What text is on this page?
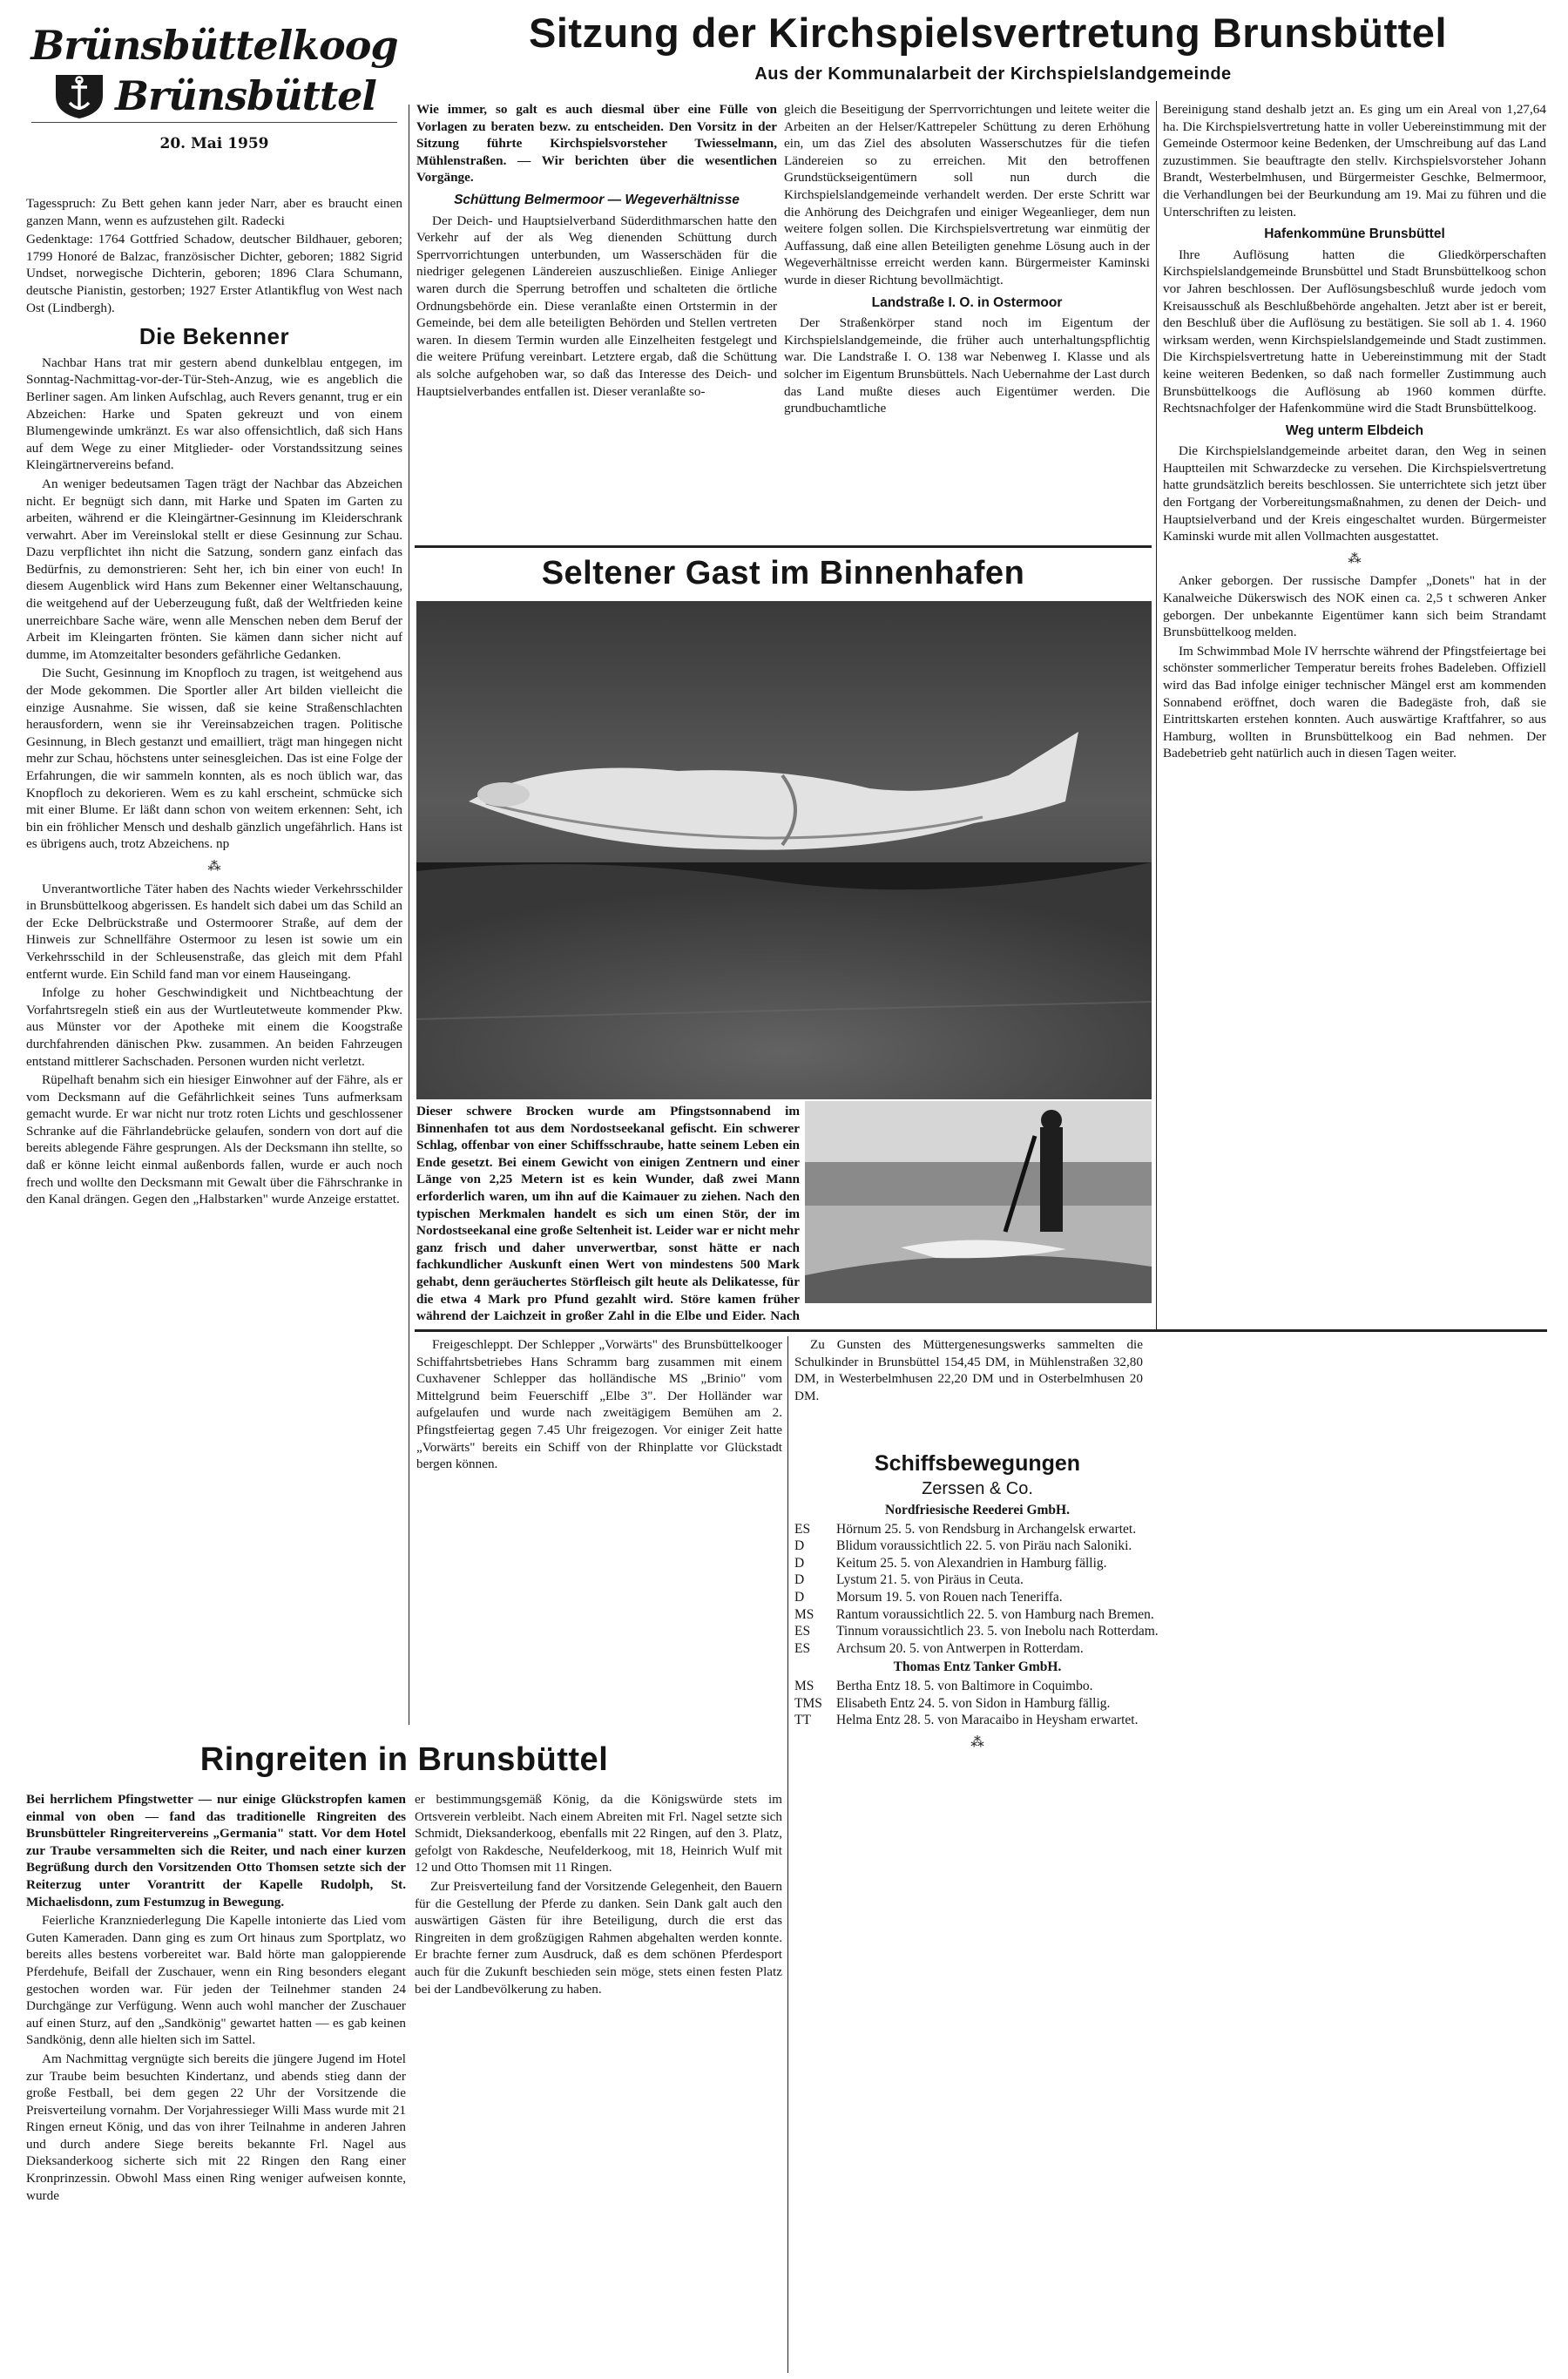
Brünsbüttelkoog
Brünsbüttel
20. Mai 1959
Sitzung der Kirchspielsvertretung Brunsbüttel
Aus der Kommunalarbeit der Kirchspielslandgemeinde

Tagesspruch: Zu Bett gehen kann jeder Narr, aber es braucht einen ganzen Mann, wenn es aufzustehen gilt. Radecki

Gedenktage: 1764 Gottfried Schadow, deutscher Bildhauer, geboren; 1799 Honoré de Balzac, französischer Dichter, geboren; 1882 Sigrid Undset, norwegische Dichterin, geboren; 1896 Clara Schumann, deutsche Pianistin, gestorben; 1927 Erster Atlantikflug von West nach Ost (Lindbergh).

Die Bekenner

Nachbar Hans trat mir gestern abend dunkelblau entgegen, im Sonntag-Nachmittag-vor-der-Tür-Steh-Anzug, wie es angeblich die Berliner sagen. Am linken Aufschlag, auch Revers genannt, trug er ein Abzeichen: Harke und Spaten gekreuzt und von einem Blumengewinde umkränzt. Es war also offensichtlich, daß sich Hans auf dem Wege zu einer Mitglieder- oder Vorstandssitzung seines Kleingärtnervereins befand.

An weniger bedeutsamen Tagen trägt der Nachbar das Abzeichen nicht. Er begnügt sich dann, mit Harke und Spaten im Garten zu arbeiten, während er die Kleingärtner-Gesinnung im Kleiderschrank verwahrt. Aber im Vereinslokal stellt er diese Gesinnung zur Schau. Dazu verpflichtet ihn nicht die Satzung, sondern ganz einfach das Bedürfnis, zu demonstrieren: Seht her, ich bin einer von euch! In diesem Augenblick wird Hans zum Bekenner einer Weltanschauung, die weitgehend auf der Ueberzeugung fußt, daß der Weltfrieden keine unerreichbare Sache wäre, wenn alle Menschen neben dem Beruf der Arbeit im Kleingarten frönten. Sie kämen dann sicher nicht auf dumme, im Atomzeitalter besonders gefährliche Gedanken.

Die Sucht, Gesinnung im Knopfloch zu tragen, ist weitgehend aus der Mode gekommen. Die Sportler aller Art bilden vielleicht die einzige Ausnahme. Sie wissen, daß sie keine Straßenschlachten herausfordern, wenn sie ihr Vereinsabzeichen tragen. Politische Gesinnung, in Blech gestanzt und emailliert, trägt man hingegen nicht mehr zur Schau, höchstens unter seinesgleichen. Das ist eine Folge der Erfahrungen, die wir sammeln konnten, als es noch üblich war, das Knopfloch zu dekorieren. Wem es zu kahl erscheint, schmücke sich mit einer Blume. Er läßt dann schon von weitem erkennen: Seht, ich bin ein fröhlicher Mensch und deshalb gänzlich ungefährlich. Hans ist es übrigens auch, trotz Abzeichens. np

⁂

Unverantwortliche Täter haben des Nachts wieder Verkehrsschilder in Brunsbüttelkoog abgerissen. Es handelt sich dabei um das Schild an der Ecke Delbrückstraße und Ostermoorer Straße, auf dem der Hinweis zur Schnellfähre Ostermoor zu lesen ist sowie um ein Verkehrsschild in der Schleusenstraße, das gleich mit dem Pfahl entfernt wurde. Ein Schild fand man vor einem Hauseingang.

Infolge zu hoher Geschwindigkeit und Nichtbeachtung der Vorfahrtsregeln stieß ein aus der Wurtleutetweute kommender Pkw. aus Münster vor der Apotheke mit einem die Koogstraße durchfahrenden dänischen Pkw. zusammen. An beiden Fahrzeugen entstand mittlerer Sachschaden. Personen wurden nicht verletzt.

Rüpelhaft benahm sich ein hiesiger Einwohner auf der Fähre, als er vom Decksmann auf die Gefährlichkeit seines Tuns aufmerksam gemacht wurde. Er war nicht nur trotz roten Lichts und geschlossener Schranke auf die Fährlandebrücke gelaufen, sondern von dort auf die bereits ablegende Fähre gesprungen. Als der Decksmann ihn stellte, so daß er könne leicht einmal außenbords fallen, wurde er auch noch frech und wollte den Decksmann mit Gewalt über die Fährschranke in den Kanal drängen. Gegen den „Halbstarken" wurde Anzeige erstattet.

Wie immer, so galt es auch diesmal über eine Fülle von Vorlagen zu beraten bezw. zu entscheiden. Den Vorsitz in der Sitzung führte Kirchspielsvorsteher Twiesselmann, Mühlenstraßen. — Wir berichten über die wesentlichen Vorgänge.

Schüttung Belmermoor — Wegeverhältnisse

Der Deich- und Hauptsielverband Süderdithmarschen hatte den Verkehr auf der als Weg dienenden Schüttung durch Sperrvorrichtungen unterbunden, um Wasserschäden für die niedriger gelegenen Ländereien auszuschließen. Einige Anlieger waren durch die Sperrung betroffen und schalteten die örtliche Ordnungsbehörde ein. Diese veranlaßte einen Ortstermin in der Gemeinde, bei dem alle beteiligten Behörden und Stellen vertreten waren. In diesem Termin wurden alle Einzelheiten festgelegt und die weitere Prüfung vereinbart. Letztere ergab, daß die Schüttung als solche aufgehoben war, so daß das Interesse des Deich- und Hauptsielverbandes entfallen ist. Dieser veranlaßte so-

gleich die Beseitigung der Sperrvorrichtungen und leitete weiter die Arbeiten an der Helser/Kattrepeler Schüttung zu deren Erhöhung ein, um das Ziel des absoluten Wasserschutzes für die tiefen Ländereien so zu erreichen. Mit den betroffenen Grundstückseigentümern soll nun durch die Kirchspielslandgemeinde verhandelt werden. Der erste Schritt war die Anhörung des Deichgrafen und einiger Wegeanlieger, dem nun weitere folgen sollen. Die Kirchspielsvertretung war einmütig der Auffassung, daß eine allen Beteiligten genehme Lösung auch in der Wegeverhältnisse erreicht werden kann. Bürgermeister Kaminski wurde in dieser Richtung bevollmächtigt.

Landstraße I. O. in Ostermoor

Der Straßenkörper stand noch im Eigentum der Kirchspielslandgemeinde, die früher auch unterhaltungspflichtig war. Die Landstraße I. O. 138 war Nebenweg I. Klasse und als solcher im Eigentum Brunsbüttels. Nach Uebernahme der Last durch das Land mußte dieses auch Eigentümer werden. Die grundbuchamtliche

Bereinigung stand deshalb jetzt an. Es ging um ein Areal von 1,27,64 ha. Die Kirchspielsvertretung hatte in voller Uebereinstimmung mit der Gemeinde Ostermoor keine Bedenken, der Umschreibung auf das Land zuzustimmen. Sie beauftragte den stellv. Kirchspielsvorsteher Johann Brandt, Westerbelmhusen, und Bürgermeister Geschke, Belmermoor, die Verhandlungen bei der Beurkundung am 19. Mai zu führen und die Unterschriften zu leisten.

Hafenkommüne Brunsbüttel

Ihre Auflösung hatten die Gliedkörperschaften Kirchspielslandgemeinde Brunsbüttel und Stadt Brunsbüttelkoog schon vor Jahren beschlossen. Der Auflösungsbeschluß wurde jedoch vom Kreisausschuß als Beschlußbehörde angehalten. Jetzt aber ist er bereit, den Beschluß über die Auflösung zu bestätigen. Sie soll ab 1. 4. 1960 wirksam werden, wenn Kirchspielslandgemeinde und Stadt zustimmen. Die Kirchspielsvertretung hatte in Uebereinstimmung mit der Stadt keine weiteren Bedenken, so daß nach formeller Zustimmung auch Brunsbüttelkoogs die Auflösung ab 1960 kommen dürfte. Rechtsnachfolger der Hafenkommüne wird die Stadt Brunsbüttelkoog.

Weg unterm Elbdeich

Die Kirchspielslandgemeinde arbeitet daran, den Weg in seinen Hauptteilen mit Schwarzdecke zu versehen. Die Kirchspielsvertretung hatte grundsätzlich bereits beschlossen. Sie unterrichtete sich jetzt über den Fortgang der Vorbereitungsmaßnahmen, zu denen der Deich- und Hauptsielverband und der Kreis eingeschaltet wurden. Bürgermeister Kaminski wurde mit allen Vollmachten ausgestattet.

⁂

Anker geborgen. Der russische Dampfer „Donets" hat in der Kanalweiche Dükerswisch des NOK einen ca. 2,5 t schweren Anker geborgen. Der unbekannte Eigentümer kann sich beim Strandamt Brunsbüttelkoog melden.

Im Schwimmbad Mole IV herrschte während der Pfingstfeiertage bei schönster sommerlicher Temperatur bereits frohes Badeleben. Offiziell wird das Bad infolge einiger technischer Mängel erst am kommenden Sonnabend eröffnet, doch waren die Badegäste froh, daß sie Eintrittskarten erstehen konnten. Auch auswärtige Kraftfahrer, so aus Hamburg, wollten in Brunsbüttelkoog ein Bad nehmen. Der Badebetrieb geht natürlich auch in diesen Tagen weiter.

Seltener Gast im Binnenhafen

Dieser schwere Brocken wurde am Pfingstsonnabend im Binnenhafen tot aus dem Nordostseekanal gefischt. Ein schwerer Schlag, offenbar von einer Schiffsschraube, hatte seinem Leben ein Ende gesetzt. Bei einem Gewicht von einigen Zentnern und einer Länge von 2,25 Metern ist es kein Wunder, daß zwei Mann erforderlich waren, um ihn auf die Kaimauer zu ziehen. Nach den typischen Merkmalen handelt es sich um einen Stör, der im Nordostseekanal eine große Seltenheit ist. Leider war er nicht mehr ganz frisch und daher unverwertbar, sonst hätte er nach fachkundlicher Auskunft einen Wert von mindestens 500 Mark gehabt, denn geräuchertes Störfleisch gilt heute als Delikatesse, für die etwa 4 Mark pro Pfund gezahlt wird. Störe kamen früher während der Laichzeit in großer Zahl in die Elbe und Eider. Nach

Freigeschleppt. Der Schlepper „Vorwärts" des Brunsbüttelkooger Schiffahrtsbetriebes Hans Schramm barg zusammen mit einem Cuxhavener Schlepper das holländische MS „Brinio" vom Mittelgrund beim Feuerschiff „Elbe 3". Der Holländer war aufgelaufen und wurde nach zweitägigem Bemühen am 2. Pfingstfeiertag gegen 7.45 Uhr freigezogen. Vor einiger Zeit hatte „Vorwärts" bereits ein Schiff von der Rhinplatte vor Glückstadt bergen können.

Zu Gunsten des Müttergenesungswerks sammelten die Schulkinder in Brunsbüttel 154,45 DM, in Mühlenstraßen 32,80 DM, in Westerbelmhusen 22,20 DM und in Osterbelmhusen 20 DM.

Schiffsbewegungen
Zerssen & Co.
Nordfriesische Reederei GmbH.
ES	Hörnum 25. 5. von Rendsburg in Archangelsk erwartet.
D	Blidum voraussichtlich 22. 5. von Piräu nach Saloniki.
D	Keitum 25. 5. von Alexandrien in Hamburg fällig.
D	Lystum 21. 5. von Piräus in Ceuta.
D	Morsum 19. 5. von Rouen nach Teneriffa.
MS	Rantum voraussichtlich 22. 5. von Hamburg nach Bremen.
ES	Tinnum voraussichtlich 23. 5. von Inebolu nach Rotterdam.
ES	Archsum 20. 5. von Antwerpen in Rotterdam.
Thomas Entz Tanker GmbH.
MS	Bertha Entz 18. 5. von Baltimore in Coquimbo.
TMS	Elisabeth Entz 24. 5. von Sidon in Hamburg fällig.
TT	Helma Entz 28. 5. von Maracaibo in Heysham erwartet.
⁂
Ringreiten in Brunsbüttel

Bei herrlichem Pfingstwetter — nur einige Glückstropfen kamen einmal von oben — fand das traditionelle Ringreiten des Brunsbütteler Ringreitervereins „Germania" statt. Vor dem Hotel zur Traube versammelten sich die Reiter, und nach einer kurzen Begrüßung durch den Vorsitzenden Otto Thomsen setzte sich der Reiterzug unter Vorantritt der Kapelle Rudolph, St. Michaelisdonn, zum Festumzug in Bewegung.

Feierliche Kranzniederlegung Die Kapelle intonierte das Lied vom Guten Kameraden. Dann ging es zum Ort hinaus zum Sportplatz, wo bereits alles bestens vorbereitet war. Bald hörte man galoppierende Pferdehufe, Beifall der Zuschauer, wenn ein Ring besonders elegant gestochen worden war. Für jeden der Teilnehmer standen 24 Durchgänge zur Verfügung. Wenn auch wohl mancher der Zuschauer auf einen Sturz, auf den „Sandkönig" gewartet hatten — es gab keinen Sandkönig, denn alle hielten sich im Sattel.

Am Nachmittag vergnügte sich bereits die jüngere Jugend im Hotel zur Traube beim besuchten Kindertanz, und abends stieg dann der große Festball, bei dem gegen 22 Uhr der Vorsitzende die Preisverteilung vornahm. Der Vorjahressieger Willi Mass wurde mit 21 Ringen erneut König, und das von ihrer Teilnahme in anderen Jahren und durch andere Siege bereits bekannte Frl. Nagel aus Dieksanderkoog sicherte sich mit 22 Ringen den Rang einer Kronprinzessin. Obwohl Mass einen Ring weniger aufweisen konnte, wurde

er bestimmungsgemäß König, da die Königswürde stets im Ortsverein verbleibt. Nach einem Abreiten mit Frl. Nagel setzte sich Schmidt, Dieksanderkoog, ebenfalls mit 22 Ringen, auf den 3. Platz, gefolgt von Rakdesche, Neufelderkoog, mit 18, Heinrich Wulf mit 12 und Otto Thomsen mit 11 Ringen.

Zur Preisverteilung fand der Vorsitzende Gelegenheit, den Bauern für die Gestellung der Pferde zu danken. Sein Dank galt auch den auswärtigen Gästen für ihre Beteiligung, durch die erst das Ringreiten in dem großzügigen Rahmen abgehalten werden konnte. Er brachte ferner zum Ausdruck, daß es dem schönen Pferdesport auch für die Zukunft beschieden sein möge, stets einen festen Platz bei der Landbevölkerung zu haben.
